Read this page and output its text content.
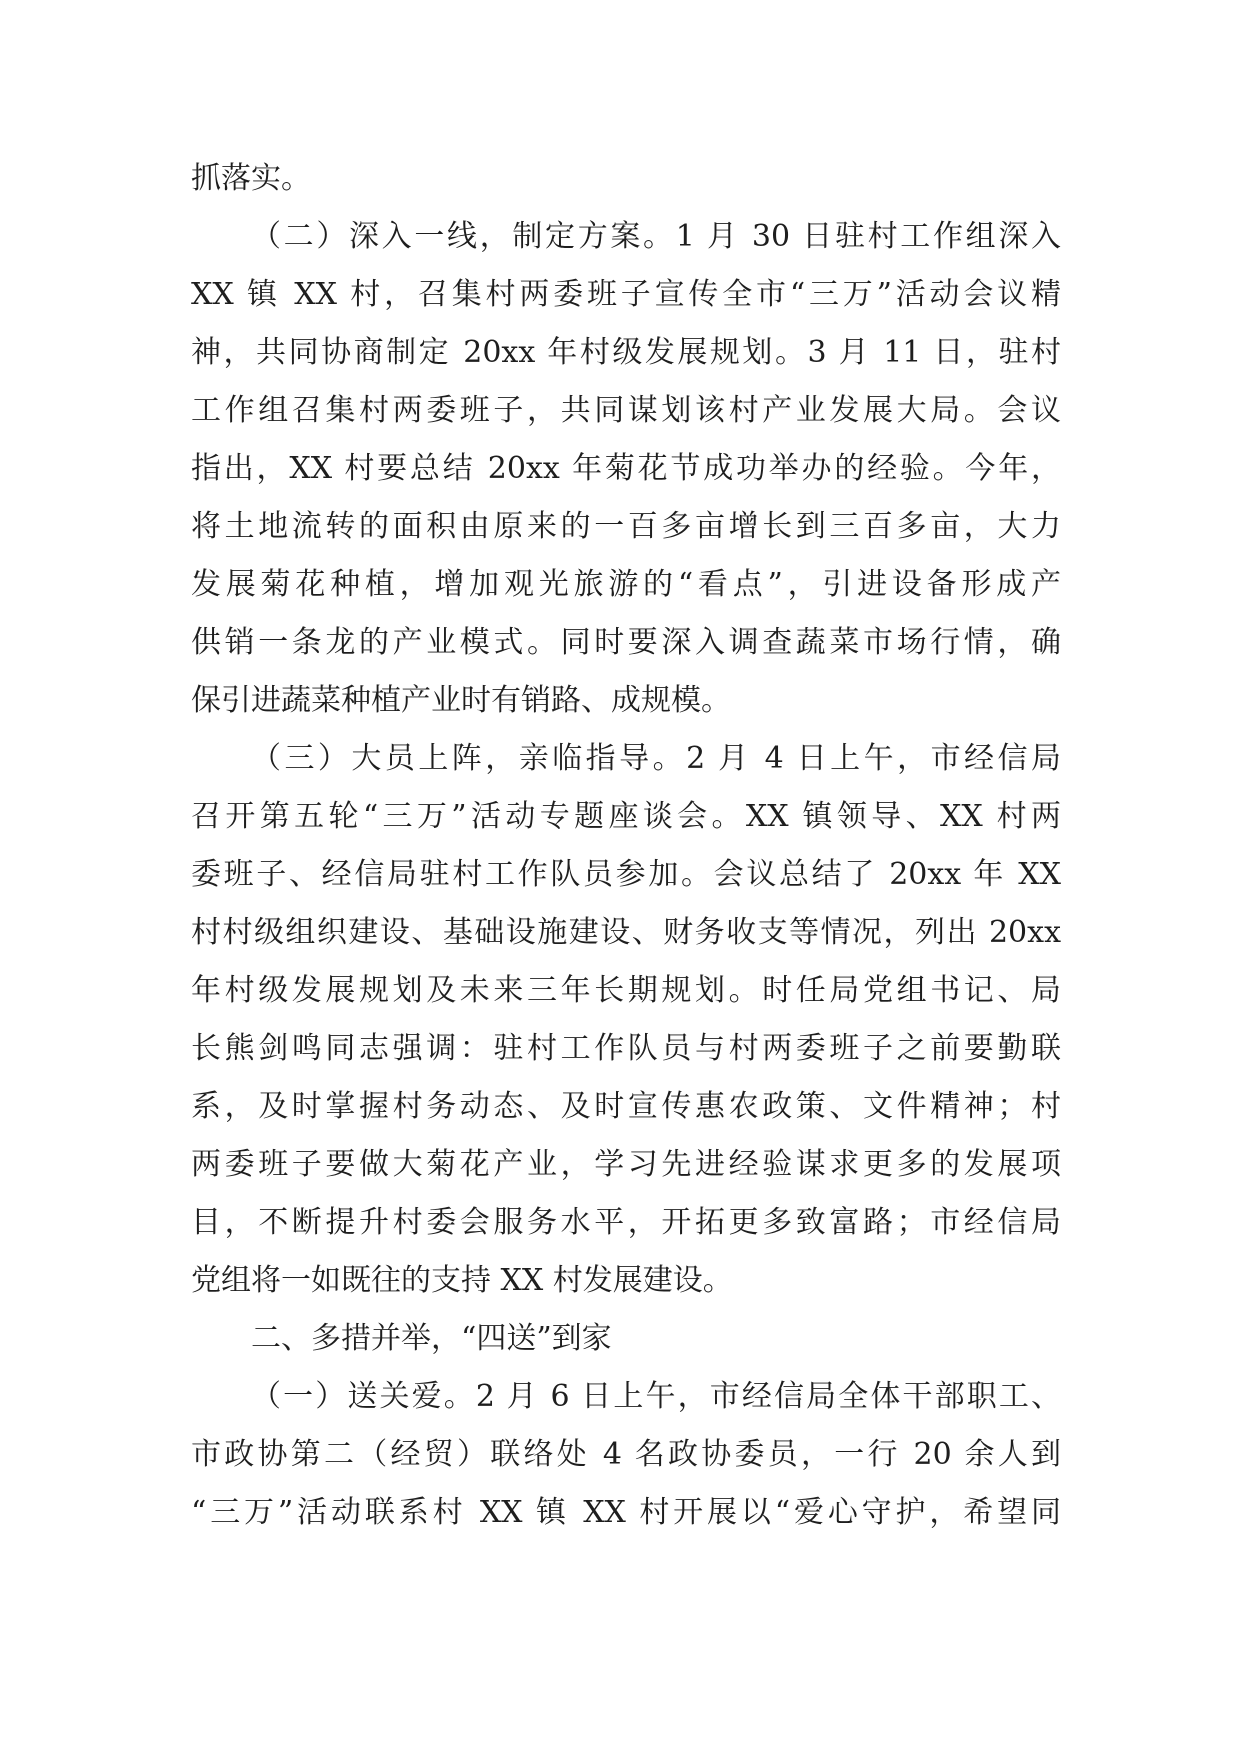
抓落实。
（二）深入一线，制定方案。1 月 30 日驻村工作组深入
XX 镇 XX 村，召集村两委班子宣传全市“三万”活动会议精
神，共同协商制定 20xx 年村级发展规划。3 月 11 日，驻村
工作组召集村两委班子，共同谋划该村产业发展大局。会议
指出，XX 村要总结 20xx 年菊花节成功举办的经验。今年，
将土地流转的面积由原来的一百多亩增长到三百多亩，大力
发展菊花种植，增加观光旅游的“看点”，引进设备形成产
供销一条龙的产业模式。同时要深入调查蔬菜市场行情，确
保引进蔬菜种植产业时有销路、成规模。
（三）大员上阵，亲临指导。2 月 4 日上午，市经信局
召开第五轮“三万”活动专题座谈会。XX 镇领导、XX 村两
委班子、经信局驻村工作队员参加。会议总结了 20xx 年 XX
村村级组织建设、基础设施建设、财务收支等情况，列出 20xx
年村级发展规划及未来三年长期规划。时任局党组书记、局
长熊剑鸣同志强调：驻村工作队员与村两委班子之前要勤联
系，及时掌握村务动态、及时宣传惠农政策、文件精神；村
两委班子要做大菊花产业，学习先进经验谋求更多的发展项
目，不断提升村委会服务水平，开拓更多致富路；市经信局
党组将一如既往的支持 XX 村发展建设。
二、多措并举，“四送”到家
（一）送关爱。2 月 6 日上午，市经信局全体干部职工、
市政协第二（经贸）联络处 4 名政协委员，一行 20 余人到
“三万”活动联系村 XX 镇 XX 村开展以“爱心守护，希望同
